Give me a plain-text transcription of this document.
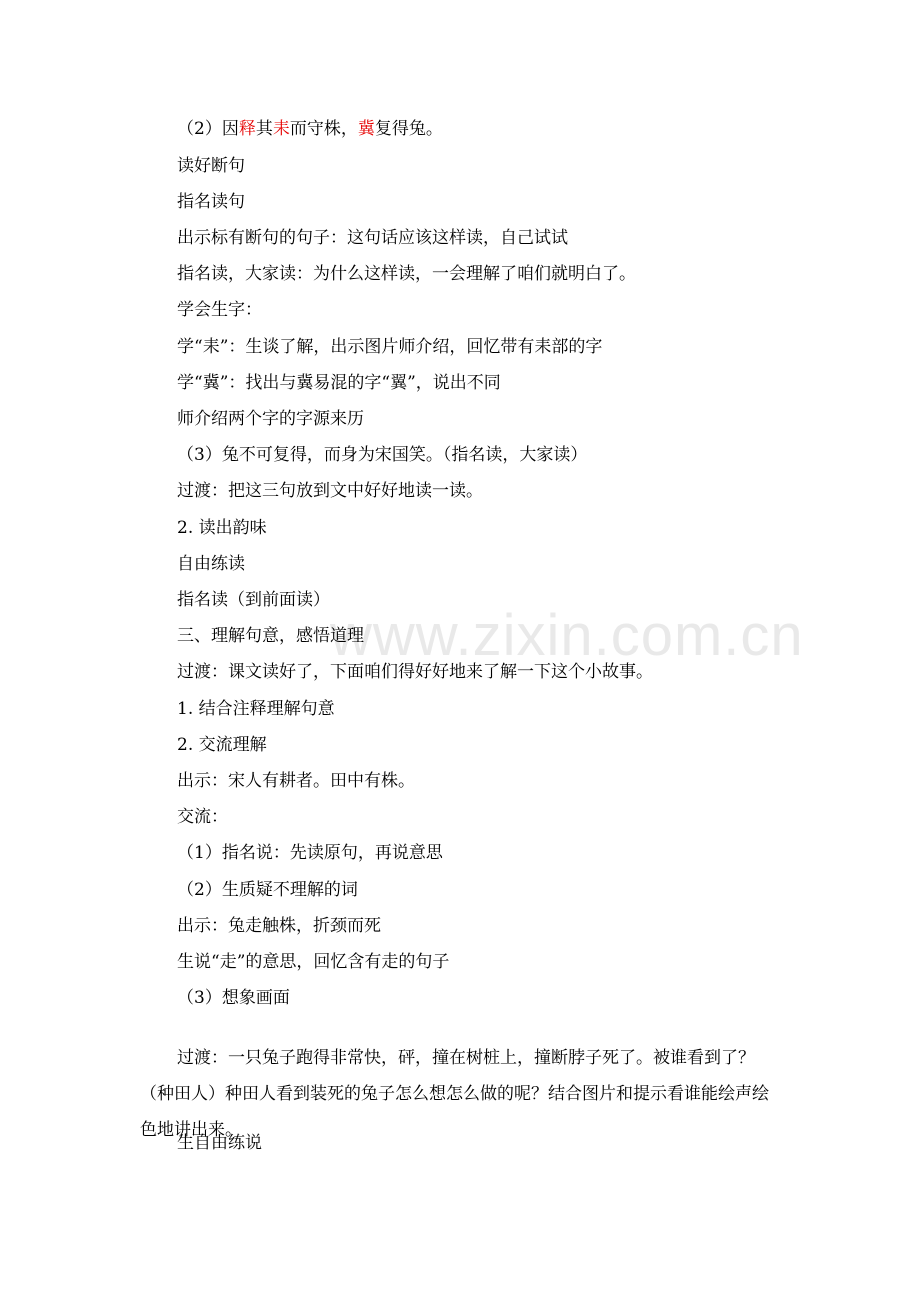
www.zixin.com.cn
（2）因释其耒而守株，冀复得兔。
读好断句
指名读句
出示标有断句的句子：这句话应该这样读，自己试试
指名读，大家读：为什么这样读，一会理解了咱们就明白了。
学会生字：
学“耒”：生谈了解，出示图片师介绍，回忆带有耒部的字
学“冀”：找出与冀易混的字“翼”，说出不同
师介绍两个字的字源来历
（3）兔不可复得，而身为宋国笑。（指名读，大家读）
过渡：把这三句放到文中好好地读一读。
2. 读出韵味
自由练读
指名读（到前面读）
三、理解句意，感悟道理
过渡：课文读好了，下面咱们得好好地来了解一下这个小故事。
1. 结合注释理解句意
2. 交流理解
出示：宋人有耕者。田中有株。
交流：
（1）指名说：先读原句，再说意思
（2）生质疑不理解的词
出示：兔走触株，折颈而死
生说“走”的意思，回忆含有走的句子
（3）想象画面
过渡：一只兔子跑得非常快，砰，撞在树桩上，撞断脖子死了。被谁看到了？（种田人）种田人看到装死的兔子怎么想怎么做的呢？结合图片和提示看谁能绘声绘色地讲出来。
生自由练说
